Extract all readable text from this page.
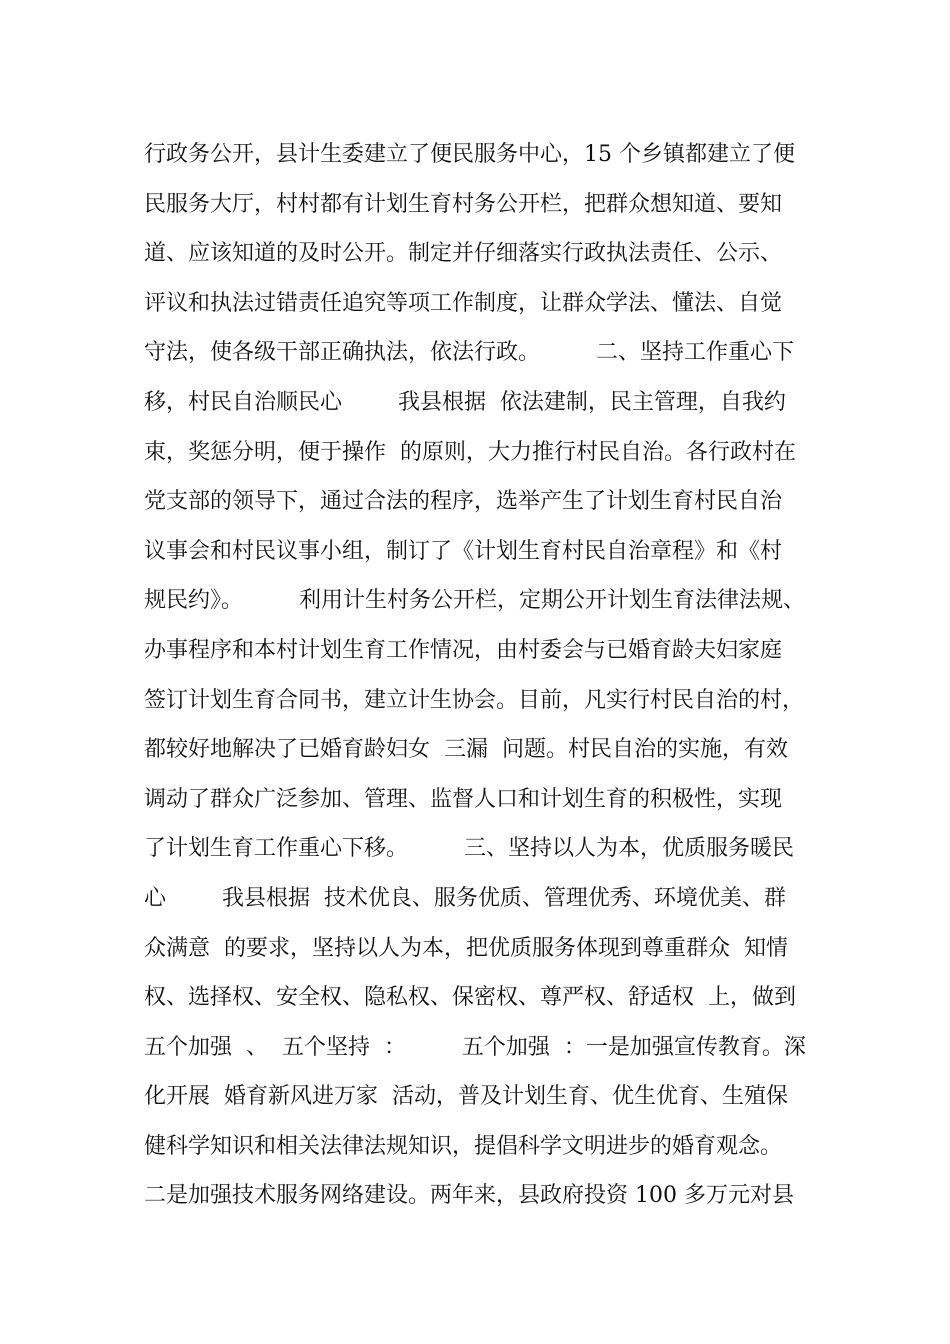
行政务公开，县计生委建立了便民服务中心，15 个乡镇都建立了便
民服务大厅，村村都有计划生育村务公开栏，把群众想知道、要知
道、应该知道的及时公开。制定并仔细落实行政执法责任、公示、
评议和执法过错责任追究等项工作制度，让群众学法、懂法、自觉
守法，使各级干部正确执法，依法行政。        二、坚持工作重心下
移，村民自治顺民心        我县根据  依法建制，民主管理，自我约
束，奖惩分明，便于操作  的原则，大力推行村民自治。各行政村在
党支部的领导下，通过合法的程序，选举产生了计划生育村民自治
议事会和村民议事小组，制订了《计划生育村民自治章程》和《村
规民约》。        利用计生村务公开栏，定期公开计划生育法律法规、
办事程序和本村计划生育工作情况，由村委会与已婚育龄夫妇家庭
签订计划生育合同书，建立计生协会。目前，凡实行村民自治的村，
都较好地解决了已婚育龄妇女  三漏  问题。村民自治的实施，有效
调动了群众广泛参加、管理、监督人口和计划生育的积极性，实现
了计划生育工作重心下移。        三、坚持以人为本，优质服务暖民
心        我县根据  技术优良、服务优质、管理优秀、环境优美、群
众满意  的要求，坚持以人为本，把优质服务体现到尊重群众  知情
权、选择权、安全权、隐私权、保密权、尊严权、舒适权  上，做到
五个加强  、  五个坚持  ：        五个加强  ：一是加强宣传教育。深
化开展  婚育新风进万家  活动，普及计划生育、优生优育、生殖保
健科学知识和相关法律法规知识，提倡科学文明进步的婚育观念。
二是加强技术服务网络建设。两年来，县政府投资 100 多万元对县
